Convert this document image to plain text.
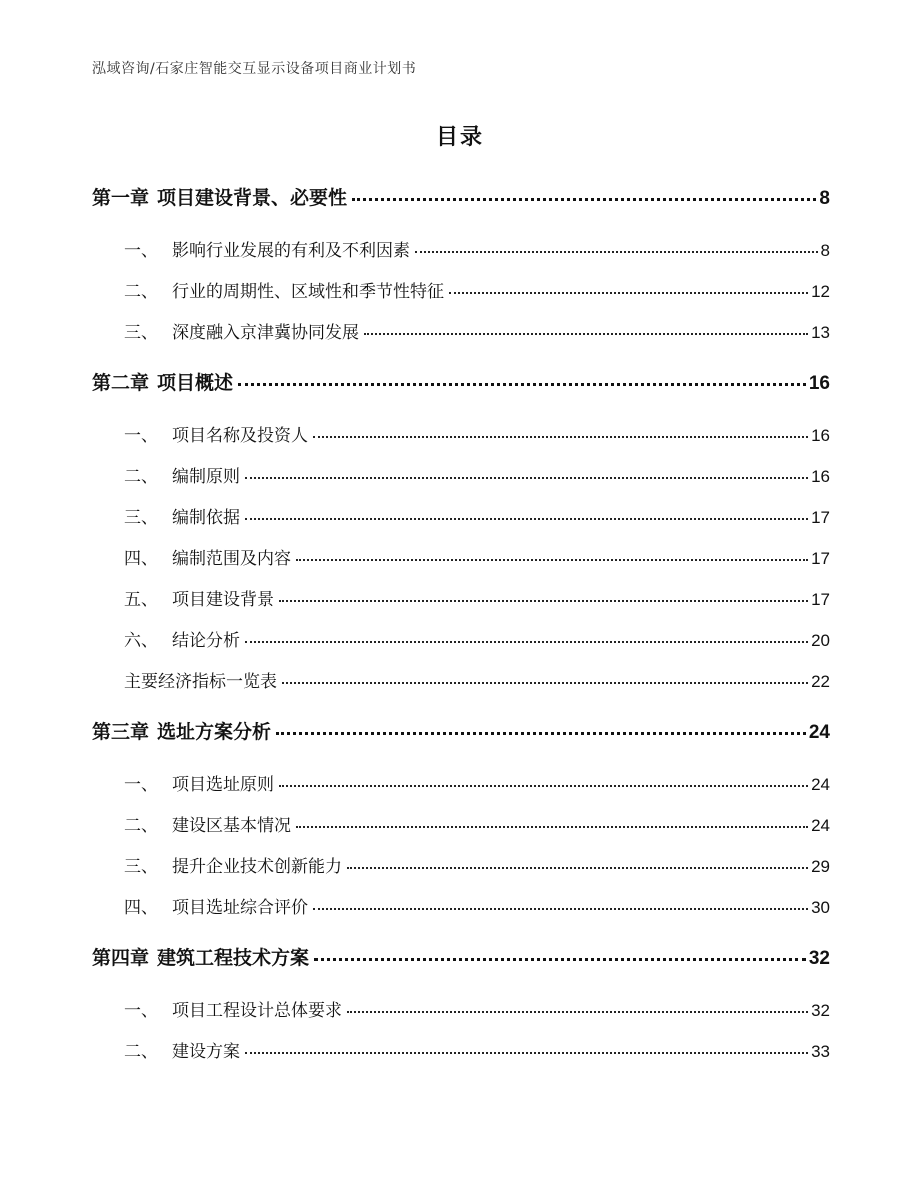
泓域咨询/石家庄智能交互显示设备项目商业计划书
目录
第一章 项目建设背景、必要性	8
一、 影响行业发展的有利及不利因素	8
二、 行业的周期性、区域性和季节性特征	12
三、 深度融入京津冀协同发展	13
第二章 项目概述	16
一、 项目名称及投资人	16
二、 编制原则	16
三、 编制依据	17
四、 编制范围及内容	17
五、 项目建设背景	17
六、 结论分析	20
主要经济指标一览表	22
第三章 选址方案分析	24
一、 项目选址原则	24
二、 建设区基本情况	24
三、 提升企业技术创新能力	29
四、 项目选址综合评价	30
第四章 建筑工程技术方案	32
一、 项目工程设计总体要求	32
二、 建设方案	33
